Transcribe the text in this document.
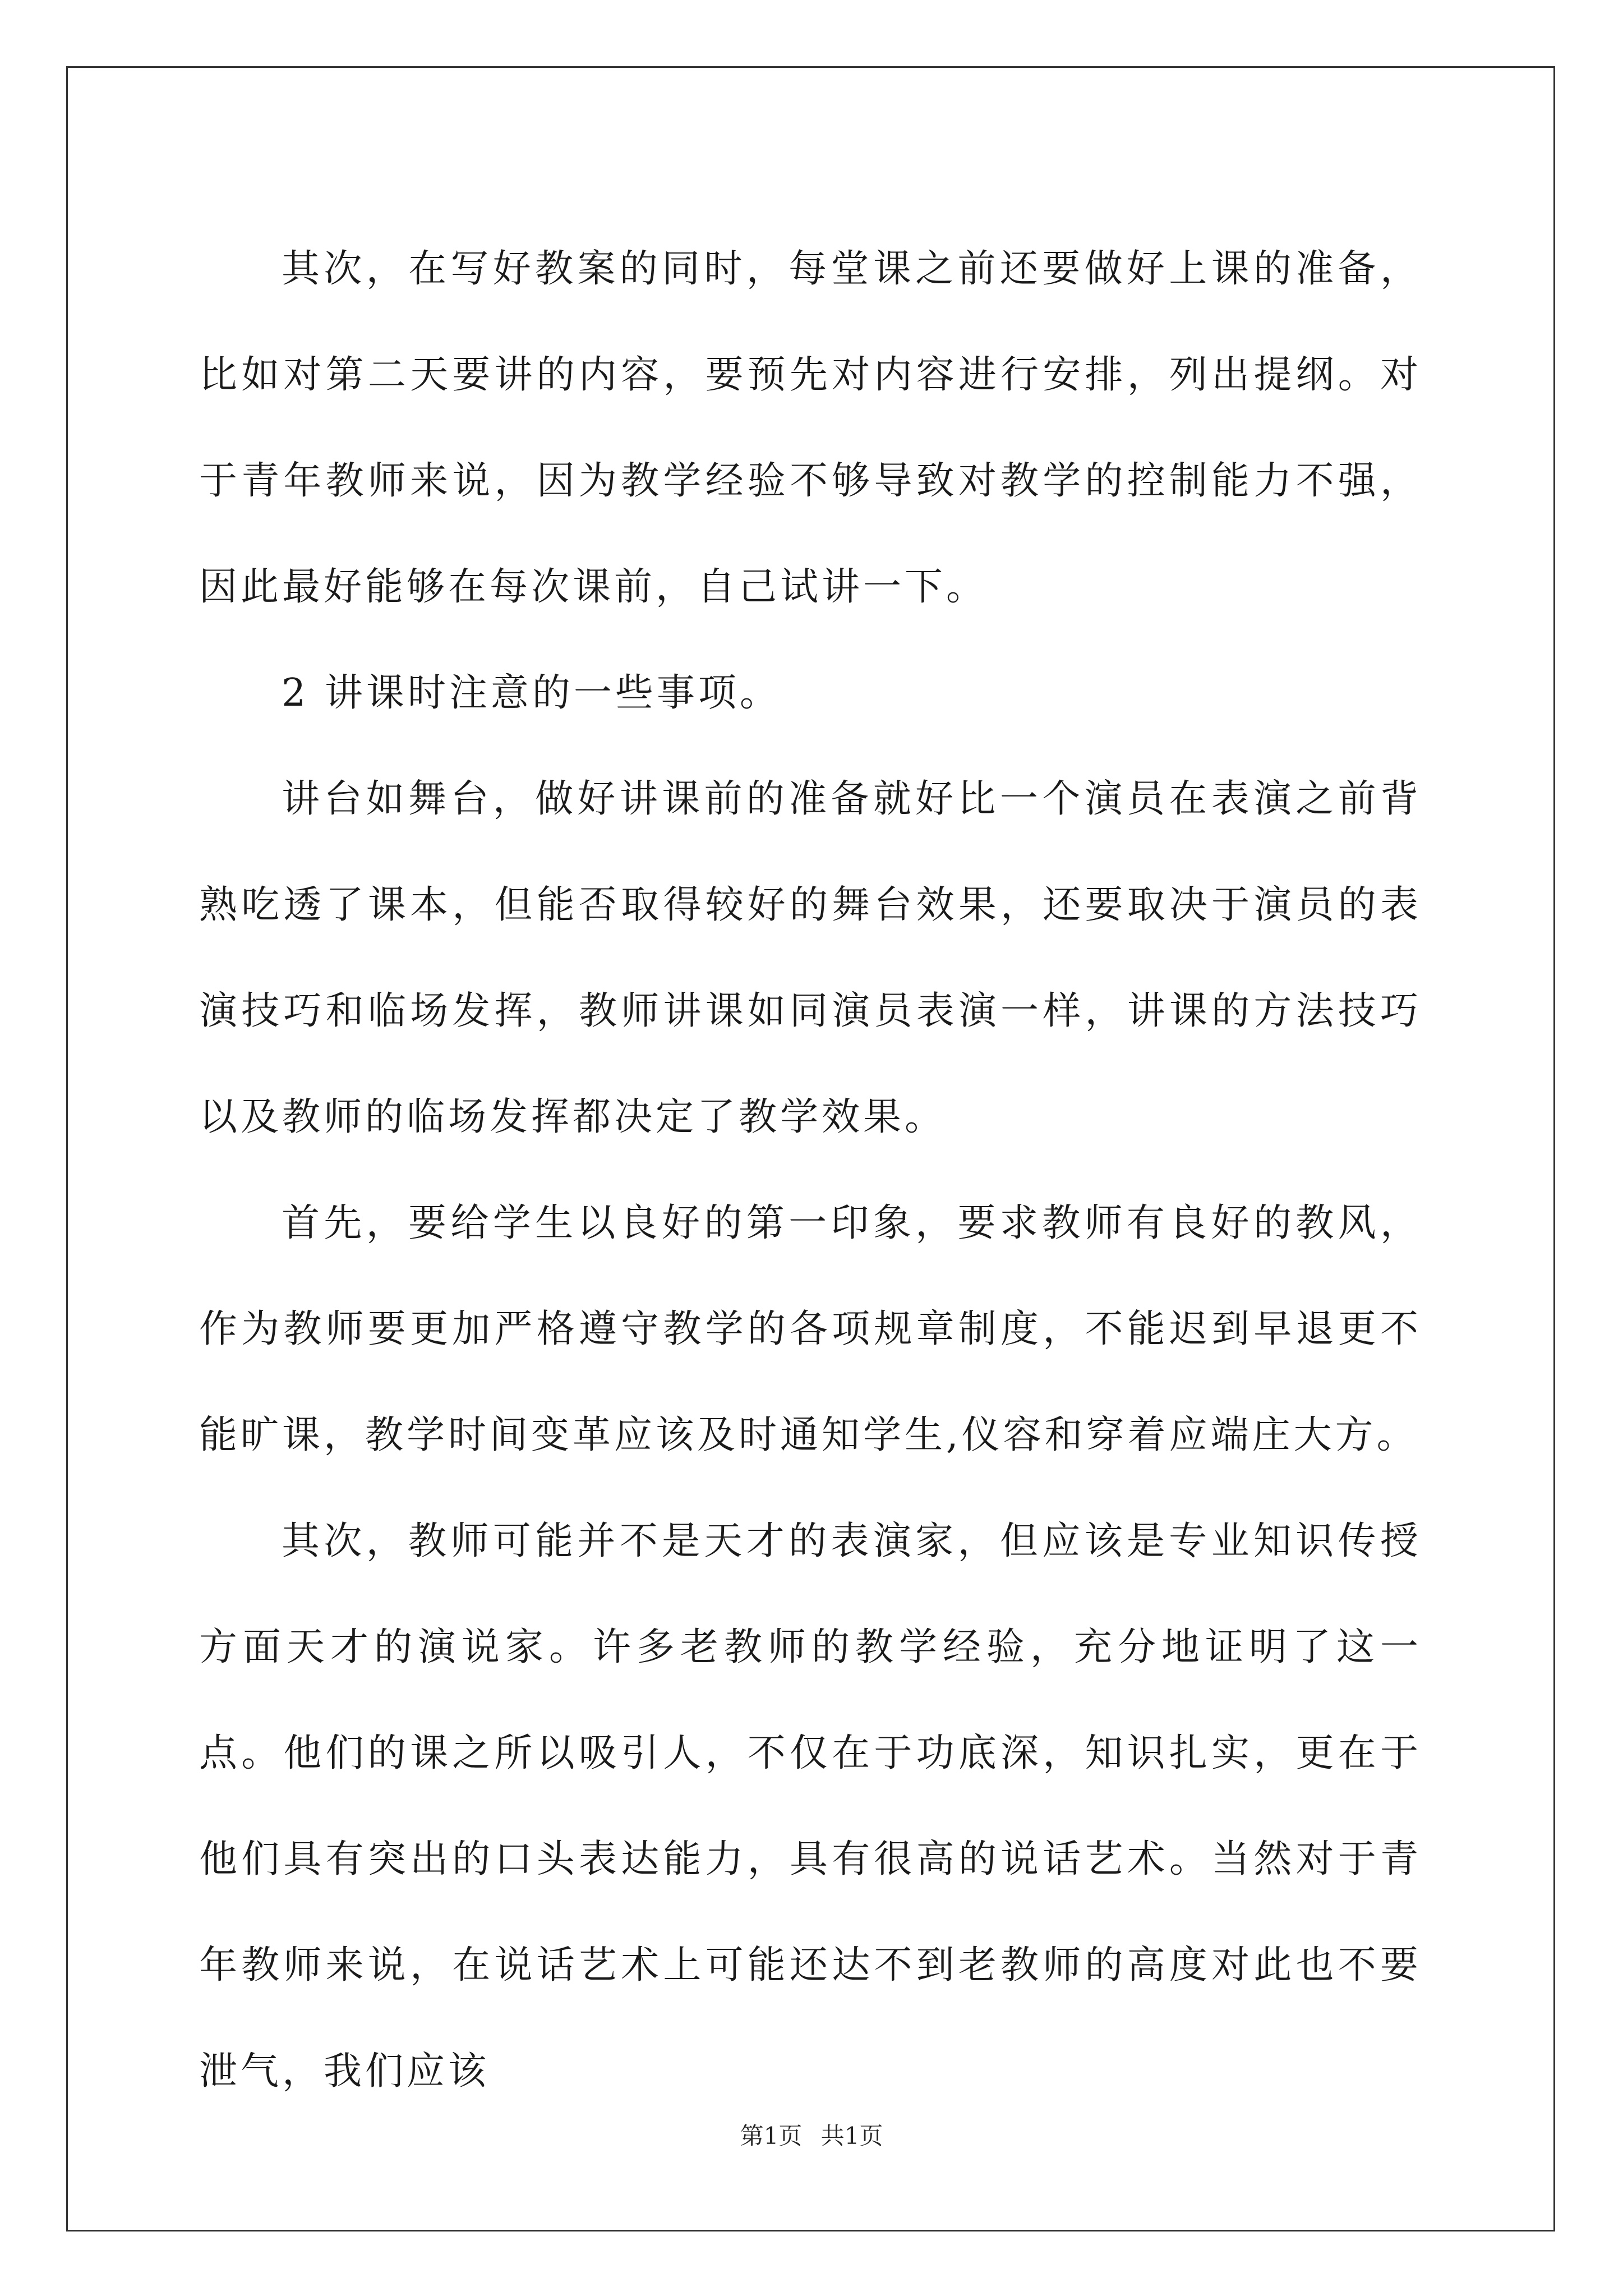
其次，在写好教案的同时，每堂课之前还要做好上课的准备，比如对第二天要讲的内容，要预先对内容进行安排，列出提纲。对于青年教师来说，因为教学经验不够导致对教学的控制能力不强，因此最好能够在每次课前，自己试讲一下。

2 讲课时注意的一些事项。

讲台如舞台，做好讲课前的准备就好比一个演员在表演之前背熟吃透了课本，但能否取得较好的舞台效果，还要取决于演员的表演技巧和临场发挥，教师讲课如同演员表演一样，讲课的方法技巧以及教师的临场发挥都决定了教学效果。

首先，要给学生以良好的第一印象，要求教师有良好的教风，作为教师要更加严格遵守教学的各项规章制度，不能迟到早退更不能旷课，教学时间变革应该及时通知学生,仪容和穿着应端庄大方。

其次，教师可能并不是天才的表演家，但应该是专业知识传授方面天才的演说家。许多老教师的教学经验，充分地证明了这一点。他们的课之所以吸引人，不仅在于功底深，知识扎实，更在于他们具有突出的口头表达能力，具有很高的说话艺术。当然对于青年教师来说，在说话艺术上可能还达不到老教师的高度对此也不要泄气，我们应该

第1页 共1页
